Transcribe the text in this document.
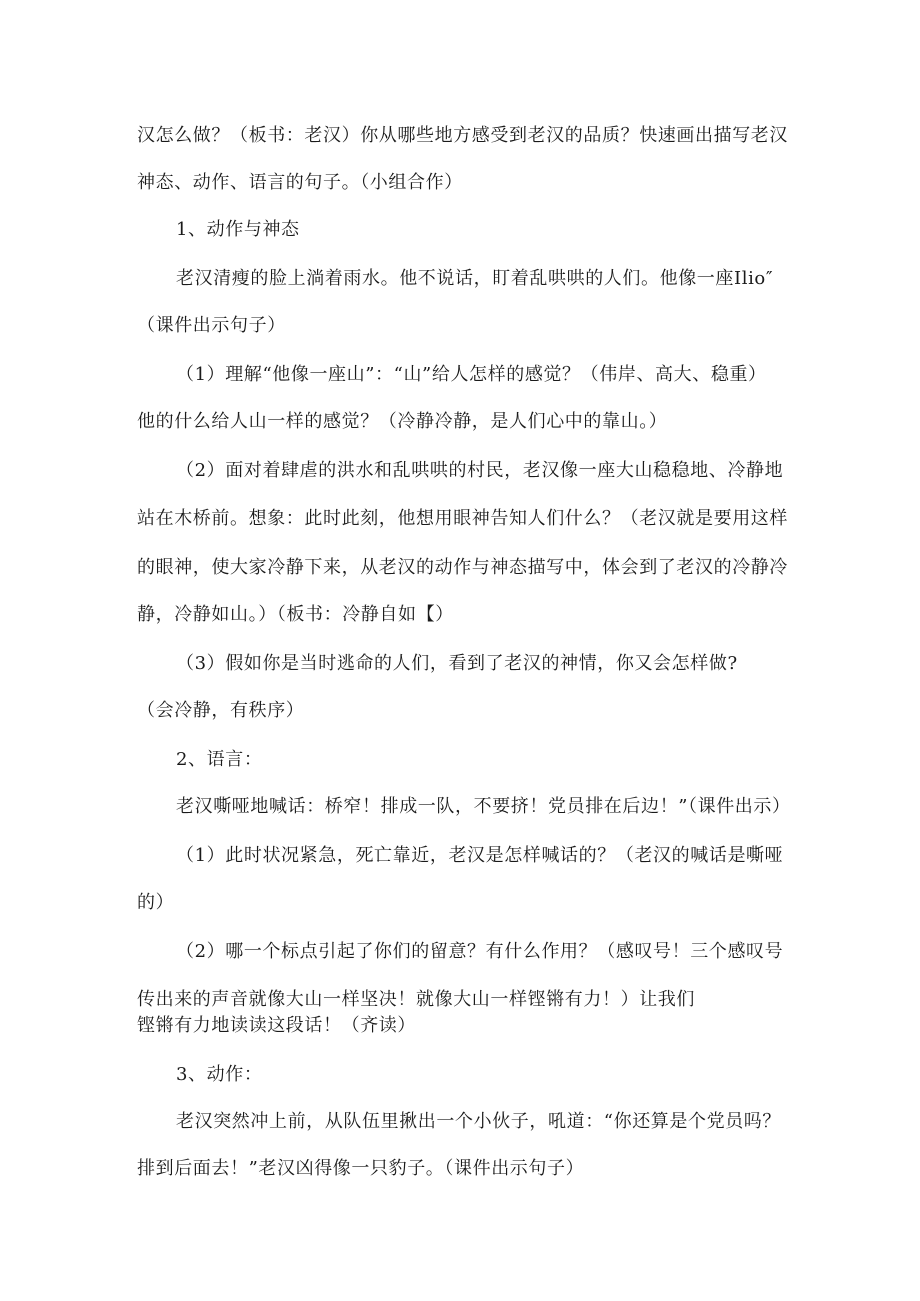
汉怎么做？（板书：老汉）你从哪些地方感受到老汉的品质？快速画出描写老汉
神态、动作、语言的句子。（小组合作）
1、动作与神态
老汉清瘦的脸上淌着雨水。他不说话，盯着乱哄哄的人们。他像一座Ilio″
（课件出示句子）
（1）理解“他像一座山”：“山”给人怎样的感觉？（伟岸、高大、稳重）
他的什么给人山一样的感觉？（冷静冷静，是人们心中的靠山。）
（2）面对着肆虐的洪水和乱哄哄的村民，老汉像一座大山稳稳地、冷静地
站在木桥前。想象：此时此刻，他想用眼神告知人们什么？（老汉就是要用这样
的眼神，使大家冷静下来，从老汉的动作与神态描写中，体会到了老汉的冷静冷
静，冷静如山。）（板书：冷静自如【）
（3）假如你是当时逃命的人们，看到了老汉的神情，你又会怎样做?
（会冷静，有秩序）
2、语言：
老汉嘶哑地喊话：桥窄！排成一队，不要挤！党员排在后边！”（课件出示）
（1）此时状况紧急，死亡靠近，老汉是怎样喊话的？（老汉的喊话是嘶哑
的）
（2）哪一个标点引起了你们的留意？有什么作用？（感叹号！三个感叹号
传出来的声音就像大山一样坚决！就像大山一样铿锵有力！）让我们
铿锵有力地读读这段话！（齐读）
3、动作：
老汉突然冲上前，从队伍里揪出一个小伙子，吼道：“你还算是个党员吗？
排到后面去！”老汉凶得像一只豹子。（课件出示句子）
